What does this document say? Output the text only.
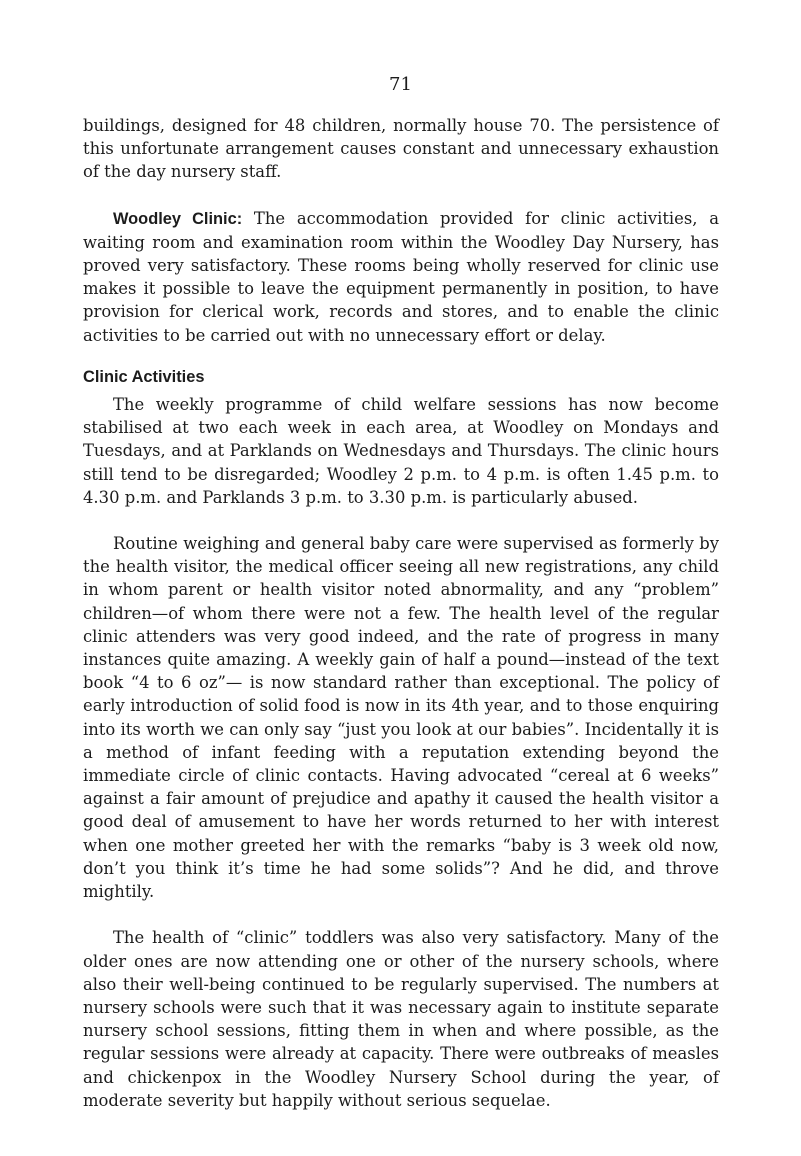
71

buildings, designed for 48 children, normally house 70. The persistence of this unfortunate arrangement causes constant and unnecessary exhaustion of the day nursery staff.

Woodley Clinic: The accommodation provided for clinic activities, a waiting room and examination room within the Woodley Day Nursery, has proved very satisfactory. These rooms being wholly reserved for clinic use makes it possible to leave the equipment permanently in position, to have provision for clerical work, records and stores, and to enable the clinic activities to be carried out with no unnecessary effort or delay.

Clinic Activities

The weekly programme of child welfare sessions has now become stabilised at two each week in each area, at Woodley on Mondays and Tuesdays, and at Parklands on Wednesdays and Thursdays. The clinic hours still tend to be disregarded; Woodley 2 p.m. to 4 p.m. is often 1.45 p.m. to 4.30 p.m. and Parklands 3 p.m. to 3.30 p.m. is particularly abused.

Routine weighing and general baby care were supervised as formerly by the health visitor, the medical officer seeing all new registrations, any child in whom parent or health visitor noted abnormality, and any “problem” children—of whom there were not a few. The health level of the regular clinic attenders was very good indeed, and the rate of progress in many instances quite amazing. A weekly gain of half a pound—instead of the text book “4 to 6 oz”— is now standard rather than exceptional. The policy of early introduction of solid food is now in its 4th year, and to those enquiring into its worth we can only say “just you look at our babies”. Incidentally it is a method of infant feeding with a reputation extending beyond the immediate circle of clinic contacts. Having advocated “cereal at 6 weeks” against a fair amount of prejudice and apathy it caused the health visitor a good deal of amusement to have her words returned to her with interest when one mother greeted her with the remarks “baby is 3 week old now, don’t you think it’s time he had some solids”? And he did, and throve mightily.

The health of “clinic” toddlers was also very satisfactory. Many of the older ones are now attending one or other of the nursery schools, where also their well-being continued to be regularly supervised. The numbers at nursery schools were such that it was necessary again to institute separate nursery school sessions, fitting them in when and where possible, as the regular sessions were already at capacity. There were outbreaks of measles and chickenpox in the Woodley Nursery School during the year, of moderate severity but happily without serious sequelae.
